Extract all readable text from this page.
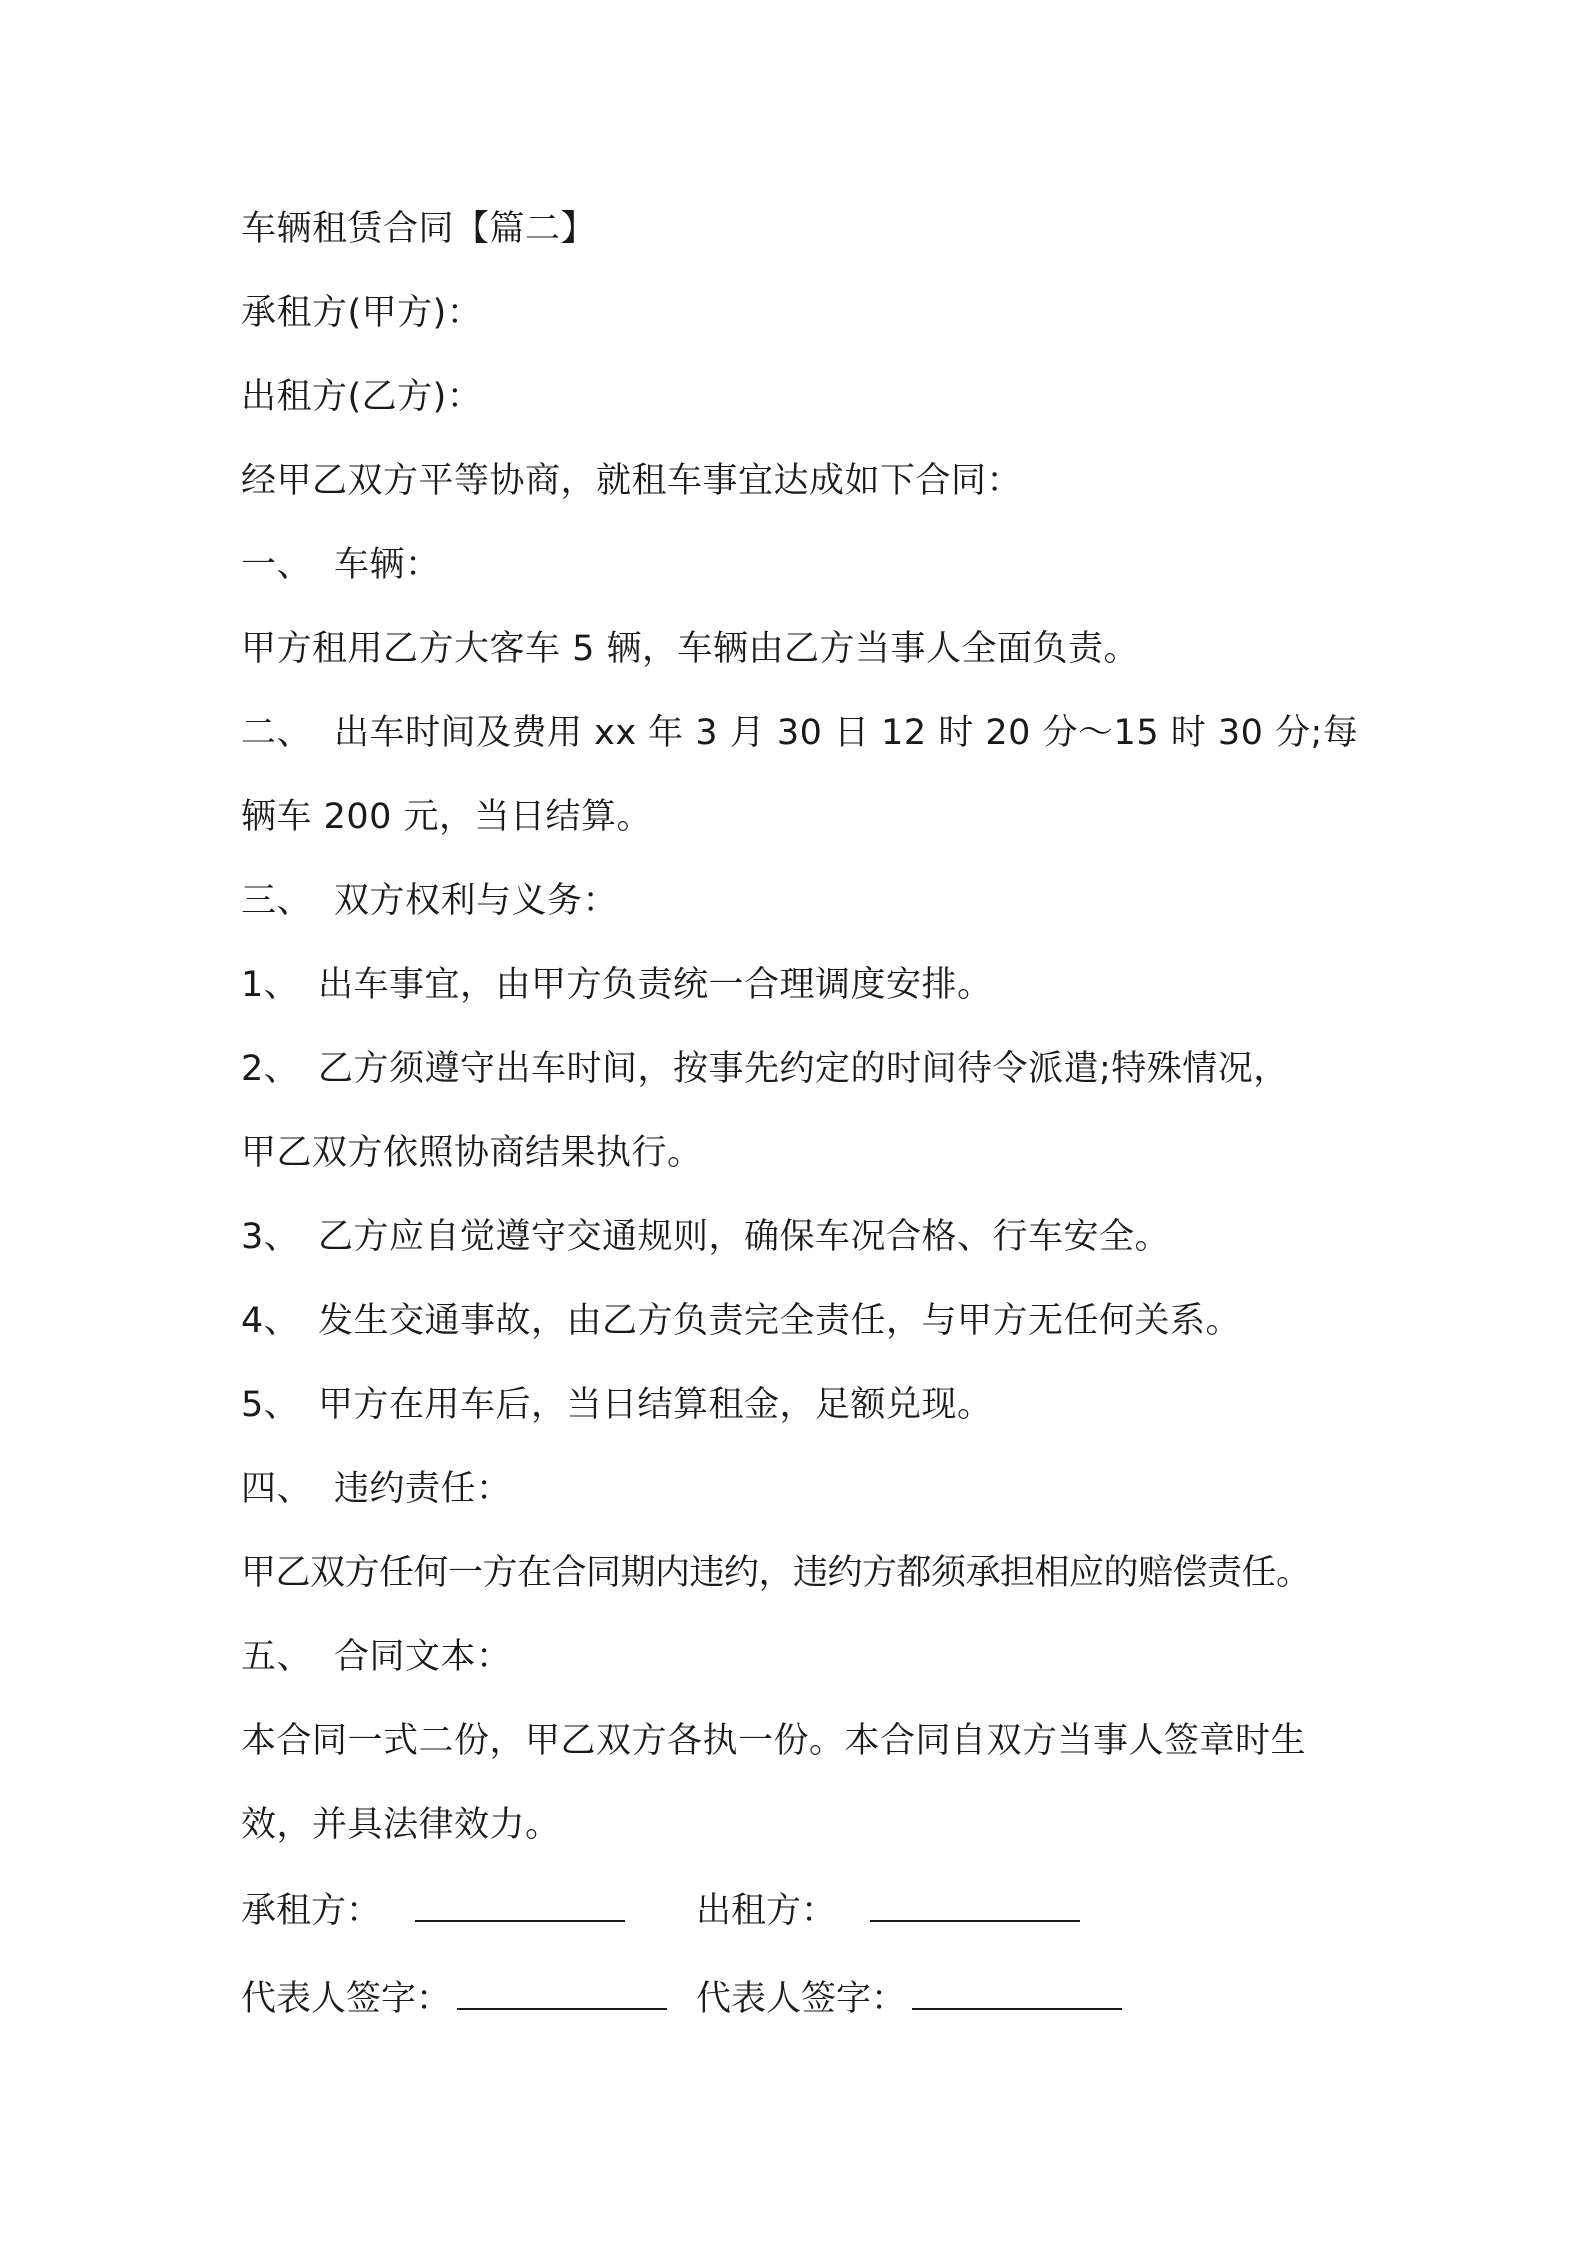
车辆租赁合同【篇二】
承租方(甲方)：
出租方(乙方)：
经甲乙双方平等协商，就租车事宜达成如下合同：
一、 车辆：
甲方租用乙方大客车 5 辆，车辆由乙方当事人全面负责。
二、 出车时间及费用 xx 年 3 月 30 日 12 时 20 分～15 时 30 分;每
辆车 200 元，当日结算。
三、 双方权利与义务：
1、 出车事宜，由甲方负责统一合理调度安排。
2、 乙方须遵守出车时间，按事先约定的时间待令派遣;特殊情况，
甲乙双方依照协商结果执行。
3、 乙方应自觉遵守交通规则，确保车况合格、行车安全。
4、 发生交通事故，由乙方负责完全责任，与甲方无任何关系。
5、 甲方在用车后，当日结算租金，足额兑现。
四、 违约责任：
甲乙双方任何一方在合同期内违约，违约方都须承担相应的赔偿责任。
五、 合同文本：
本合同一式二份，甲乙双方各执一份。本合同自双方当事人签章时生
效，并具法律效力。
承租方：	出租方：
代表人签字：	代表人签字：
